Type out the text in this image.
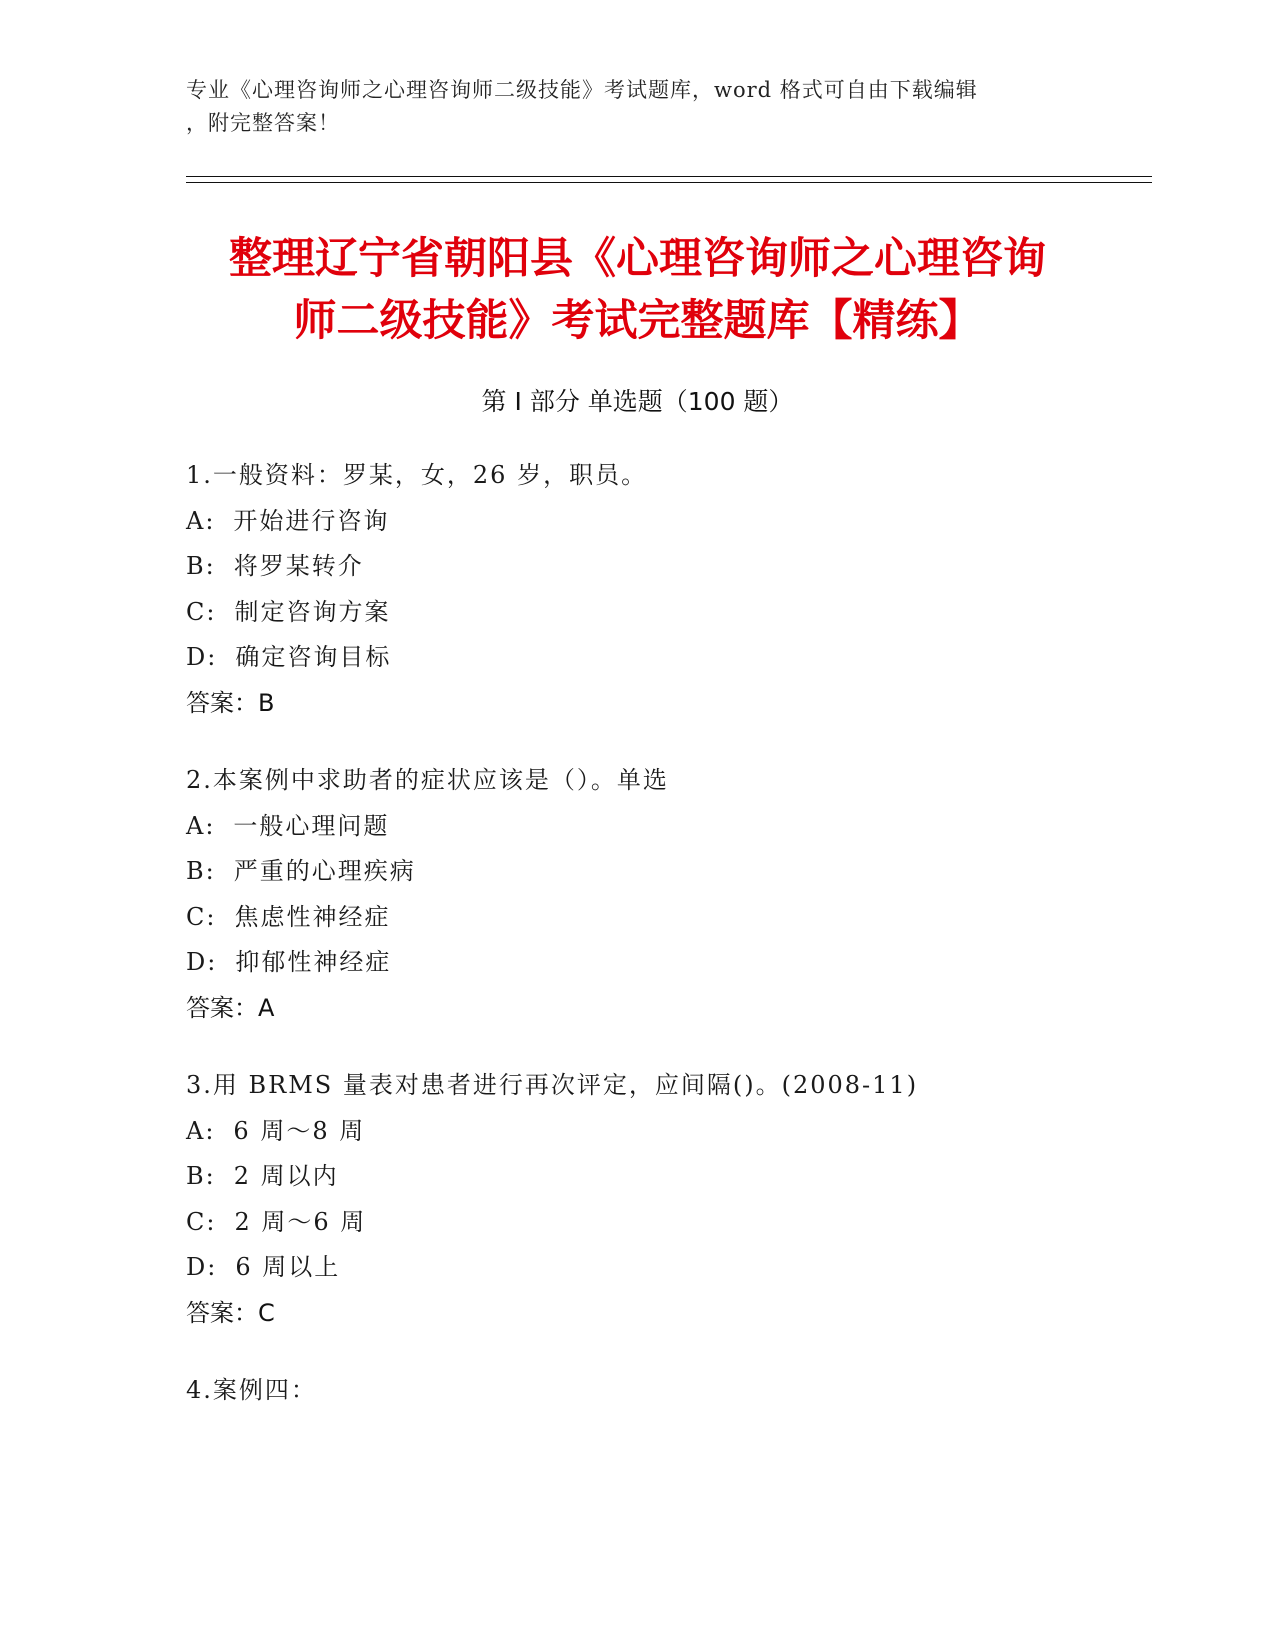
专业《心理咨询师之心理咨询师二级技能》考试题库，word 格式可自由下载编辑
，附完整答案！
整理辽宁省朝阳县《心理咨询师之心理咨询
师二级技能》考试完整题库【精练】
第 I 部分 单选题（100 题）
1.一般资料：罗某，女，26 岁，职员。
A: 开始进行咨询
B: 将罗某转介
C: 制定咨询方案
D: 确定咨询目标
答案：B
2.本案例中求助者的症状应该是（）。单选
A: 一般心理问题
B: 严重的心理疾病
C: 焦虑性神经症
D: 抑郁性神经症
答案：A
3.用 BRMS 量表对患者进行再次评定，应间隔()。(2008-11)
A: 6 周～8 周
B: 2 周以内
C: 2 周～6 周
D: 6 周以上
答案：C
4.案例四：
